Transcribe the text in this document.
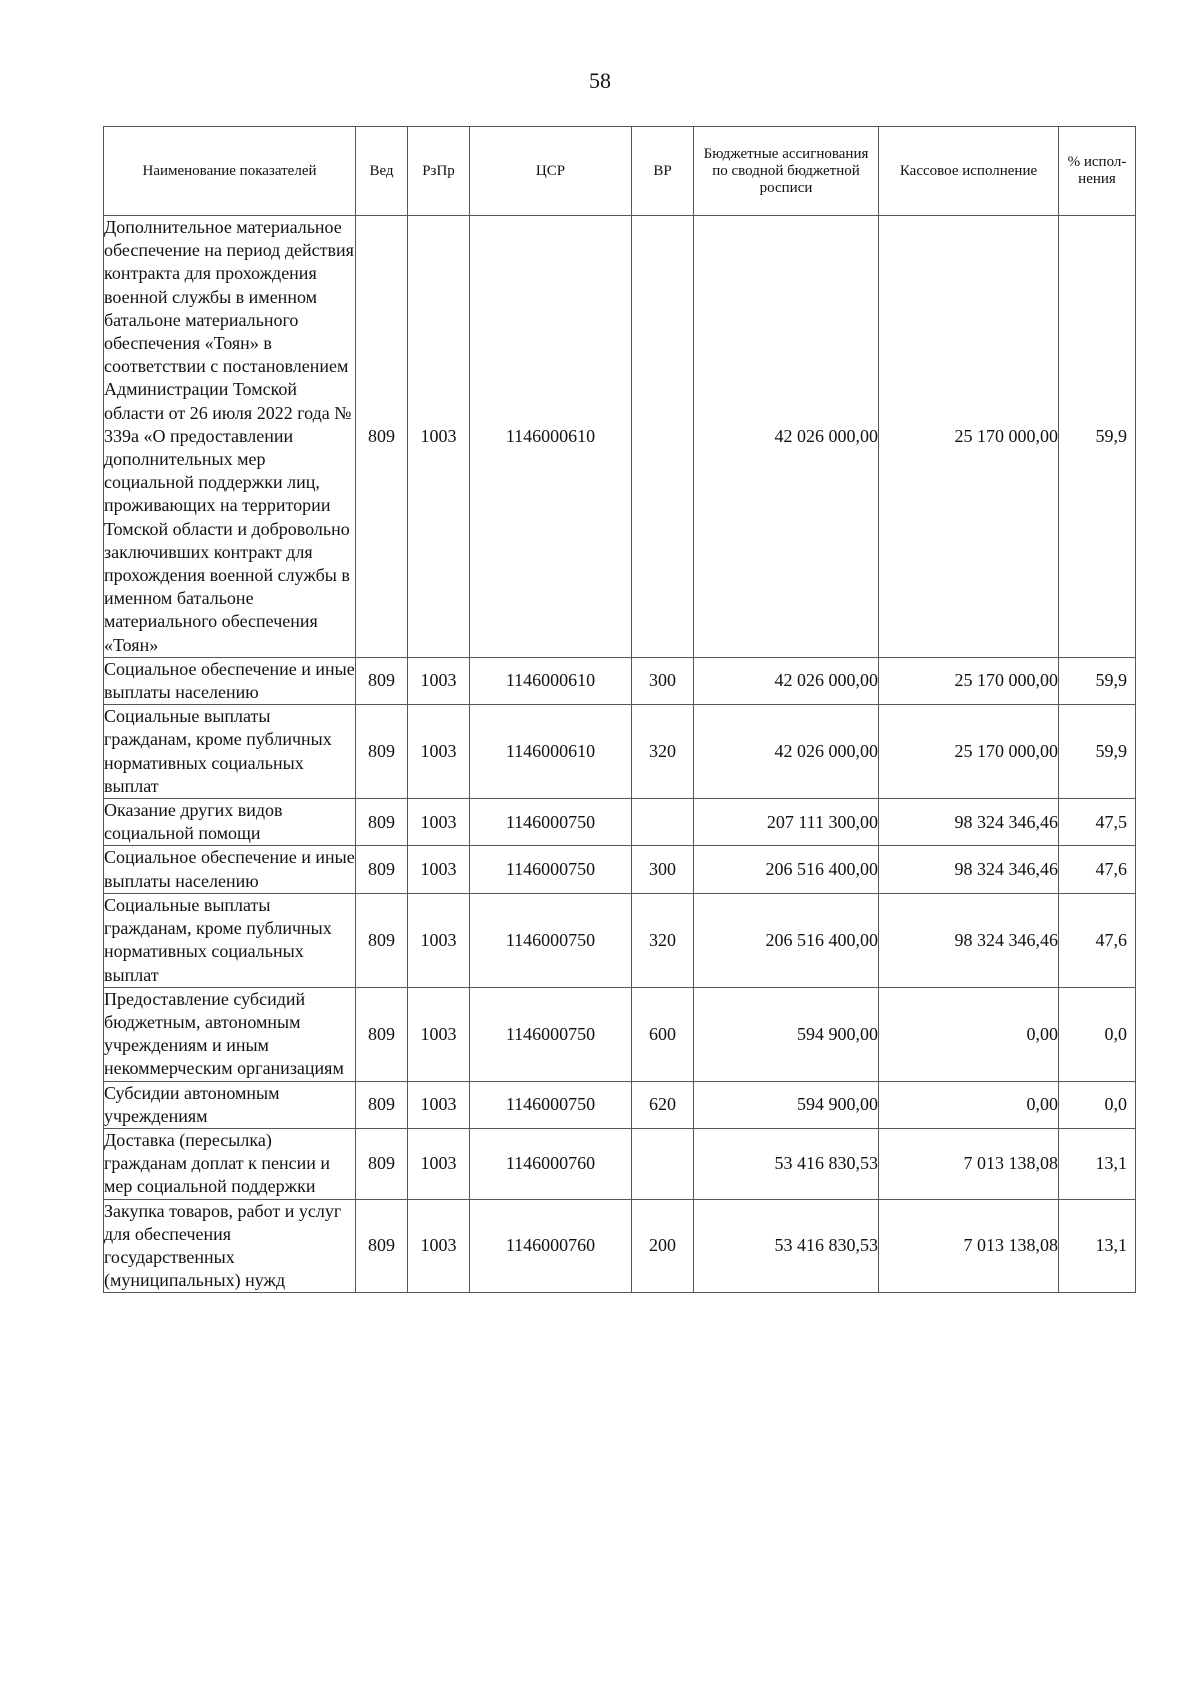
58
Наименование показателей	Вед	РзПр	ЦСР	ВР	Бюджетные ассигнования по сводной бюджетной росписи	Кассовое исполнение	% испол-нения
Дополнительное материальное обеспечение на период действия контракта для прохождения военной службы в именном батальоне материального обеспечения «Тоян» в соответствии с постановлением Администрации Томской области от 26 июля 2022 года № 339а «О предоставлении дополнительных мер социальной поддержки лиц, проживающих на территории Томской области и добровольно заключивших контракт для прохождения военной службы в именном батальоне материального обеспечения «Тоян»	809	1003	1146000610		42 026 000,00	25 170 000,00	59,9
Социальное обеспечение и иные выплаты населению	809	1003	1146000610	300	42 026 000,00	25 170 000,00	59,9
Социальные выплаты гражданам, кроме публичных нормативных социальных выплат	809	1003	1146000610	320	42 026 000,00	25 170 000,00	59,9
Оказание других видов социальной помощи	809	1003	1146000750		207 111 300,00	98 324 346,46	47,5
Социальное обеспечение и иные выплаты населению	809	1003	1146000750	300	206 516 400,00	98 324 346,46	47,6
Социальные выплаты гражданам, кроме публичных нормативных социальных выплат	809	1003	1146000750	320	206 516 400,00	98 324 346,46	47,6
Предоставление субсидий бюджетным, автономным учреждениям и иным некоммерческим организациям	809	1003	1146000750	600	594 900,00	0,00	0,0
Субсидии автономным учреждениям	809	1003	1146000750	620	594 900,00	0,00	0,0
Доставка (пересылка) гражданам доплат к пенсии и мер социальной поддержки	809	1003	1146000760		53 416 830,53	7 013 138,08	13,1
Закупка товаров, работ и услуг для обеспечения государственных (муниципальных) нужд	809	1003	1146000760	200	53 416 830,53	7 013 138,08	13,1
